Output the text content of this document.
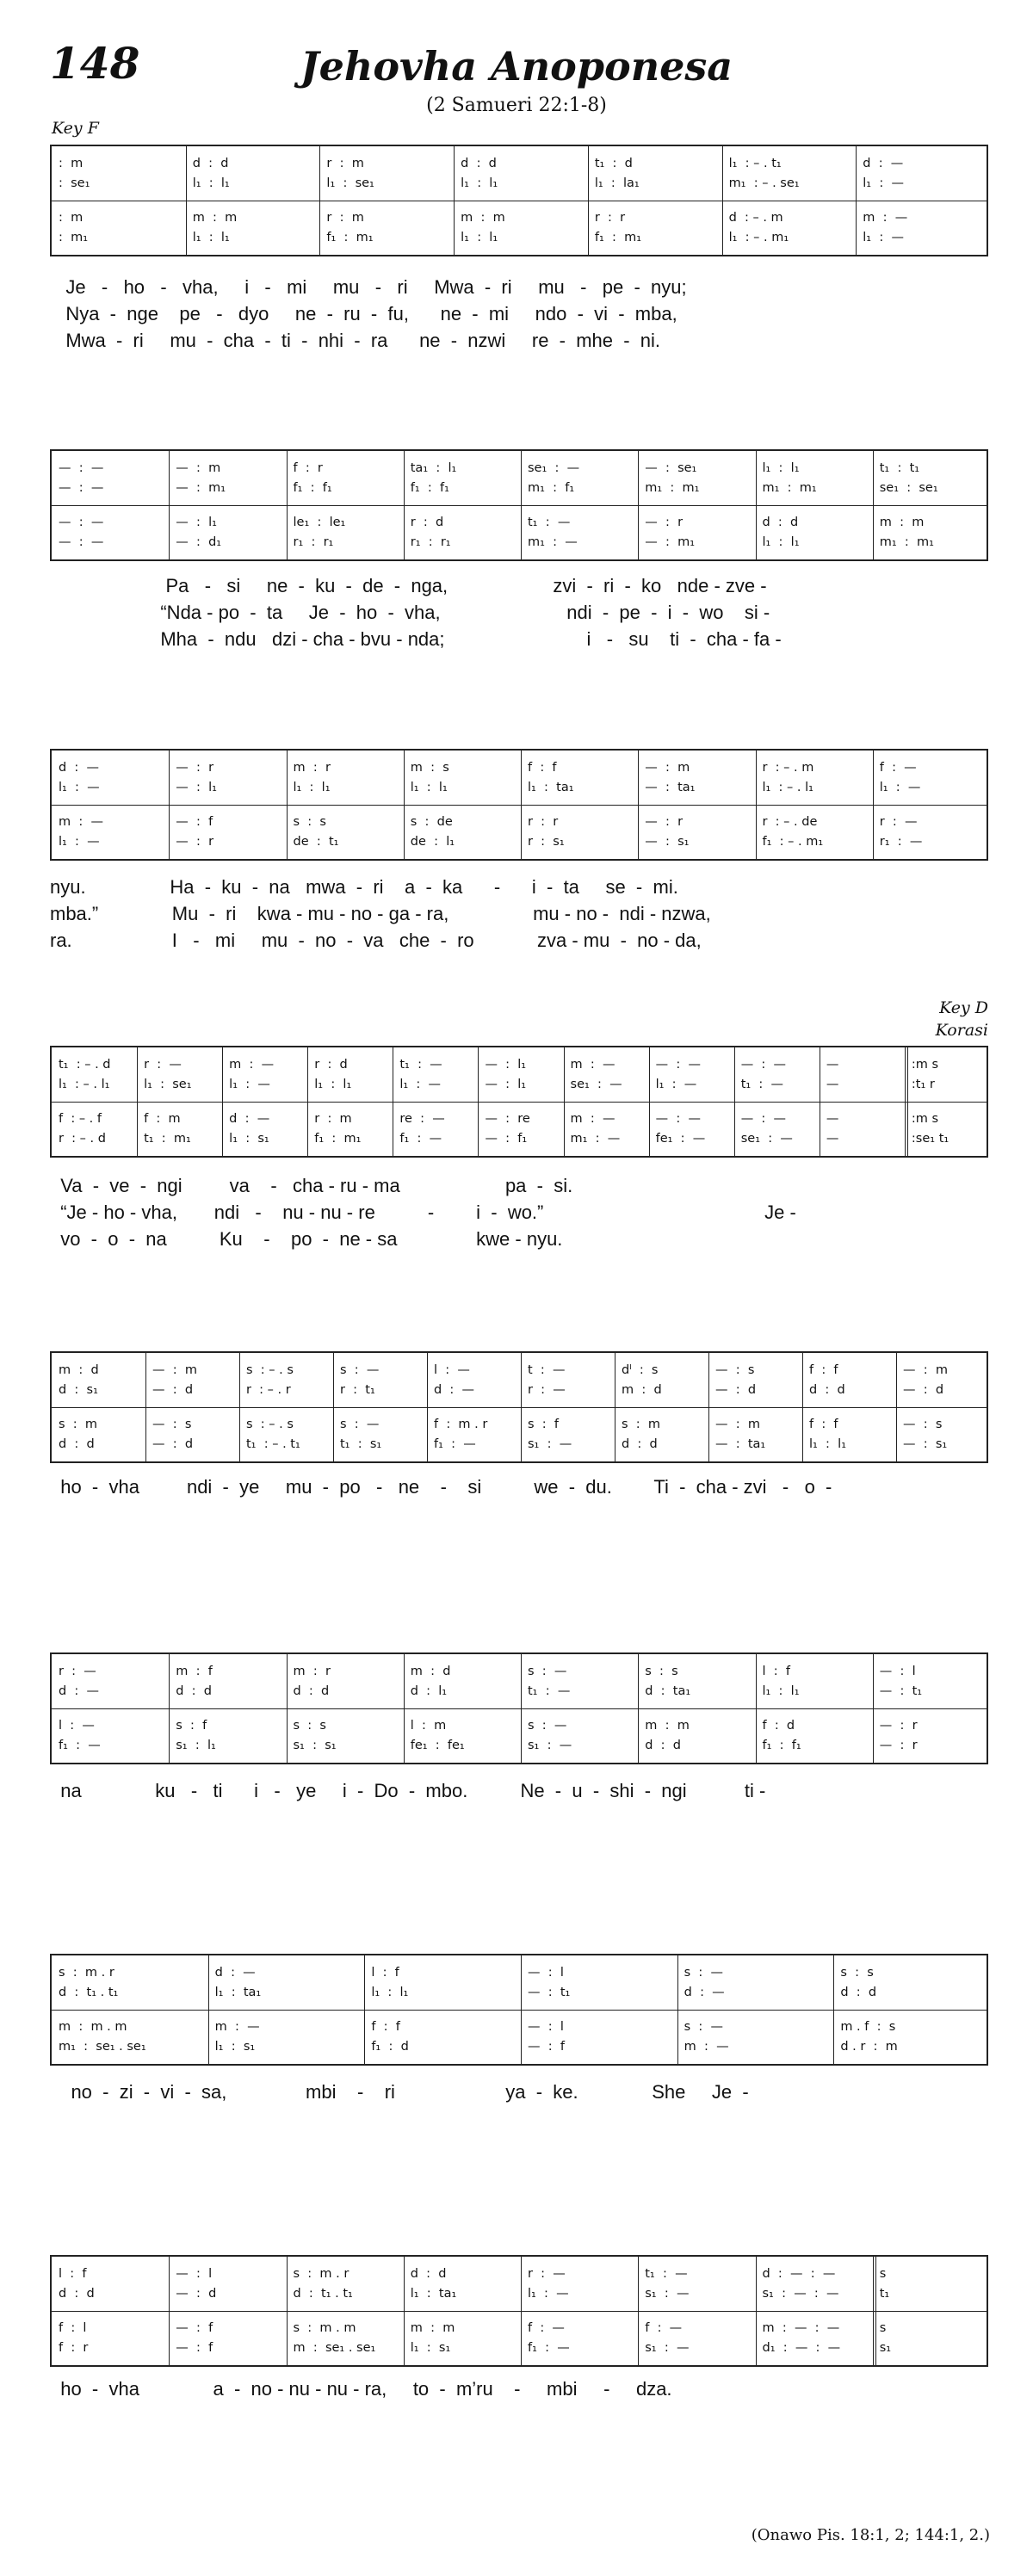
148	Jehovha Anoponesa
(2 Samueri 22:1-8)
Key F
Key D
Korasi
:  m
:  se₁
:  m
:  m₁
d  :  d
l₁  :  l₁
m  :  m
l₁  :  l₁
r  :  m
l₁  :  se₁
r  :  m
f₁  :  m₁
d  :  d
l₁  :  l₁
m  :  m
l₁  :  l₁
t₁  :  d
l₁  :  la₁
r  :  r
f₁  :  m₁
l₁  : – . t₁
m₁  : – . se₁
d  : – . m
l₁  : – . m₁
d  :  —
l₁  :  —
m  :  —
l₁  :  —
Je   -   ho   -   vha,     i   -   mi     mu   -   ri     Mwa  -  ri     mu   -   pe  -  nyu;
Nya  -  nge    pe   -   dyo     ne  -  ru  -  fu,      ne  -  mi     ndo  -  vi  -  mba,
Mwa  -  ri     mu  -  cha  -  ti  -  nhi  -  ra      ne  -  nzwi     re  -  mhe  -  ni.
—  :  —
—  :  —
—  :  —
—  :  —
—  :  m
—  :  m₁
—  :  l₁
—  :  d₁
f  :  r
f₁  :  f₁
le₁  :  le₁
r₁  :  r₁
ta₁  :  l₁
f₁  :  f₁
r  :  d
r₁  :  r₁
se₁  :  —
m₁  :  f₁
t₁  :  —
m₁  :  —
—  :  se₁
m₁  :  m₁
—  :  r
—  :  m₁
l₁  :  l₁
m₁  :  m₁
d  :  d
l₁  :  l₁
t₁  :  t₁
se₁  :  se₁
m  :  m
m₁  :  m₁
Pa   -   si     ne  -  ku  -  de  -  nga,                    zvi  -  ri  -  ko   nde - zve -
“Nda - po  -  ta     Je  -  ho  -  vha,                        ndi  -  pe  -  i  -  wo    si -
Mha  -  ndu   dzi - cha - bvu - nda;                           i   -   su    ti  -  cha - fa -
d  :  —
l₁  :  —
m  :  —
l₁  :  —
—  :  r
—  :  l₁
—  :  f
—  :  r
m  :  r
l₁  :  l₁
s  :  s
de  :  t₁
m  :  s
l₁  :  l₁
s  :  de
de  :  l₁
f  :  f
l₁  :  ta₁
r  :  r
r  :  s₁
—  :  m
—  :  ta₁
—  :  r
—  :  s₁
r  : – . m
l₁  : – . l₁
r  : – . de
f₁  : – . m₁
f  :  —
l₁  :  —
r  :  —
r₁  :  —
nyu.                Ha  -  ku  -  na   mwa  -  ri    a  -  ka      -      i  -  ta     se  -  mi.
mba.”              Mu  -  ri    kwa - mu - no - ga - ra,                mu - no -  ndi - nzwa,
ra.                   I   -   mi     mu  -  no  -  va   che  -  ro            zva - mu  -  no - da,
t₁  : – . d
l₁  : – . l₁
f  : – . f
r  : – . d
r  :  —
l₁  :  se₁
f  :  m
t₁  :  m₁
m  :  —
l₁  :  —
d  :  —
l₁  :  s₁
r  :  d
l₁  :  l₁
r  :  m
f₁  :  m₁
t₁  :  —
l₁  :  —
re  :  —
f₁  :  —
—  :  l₁
—  :  l₁
—  :  re
—  :  f₁
m  :  —
se₁  :  —
m  :  —
m₁  :  —
—  :  —
l₁  :  —
—  :  —
fe₁  :  —
—  :  —
t₁  :  —
—  :  —
se₁  :  —
—
—
—
—
:m s
:t₁ r
:m s
:se₁ t₁
Va  -  ve  -  ngi         va    -   cha - ru - ma                    pa  -  si.
“Je - ho - vha,       ndi   -    nu - nu - re          -        i  -  wo.”                                          Je -
vo  -  o  -  na          Ku    -    po  -  ne - sa               kwe - nyu.
m  :  d
d  :  s₁
s  :  m
d  :  d
—  :  m
—  :  d
—  :  s
—  :  d
s  : – . s
r  : – . r
s  : – . s
t₁  : – . t₁
s  :  —
r  :  t₁
s  :  —
t₁  :  s₁
l  :  —
d  :  —
f  :  m . r
f₁  :  —
t  :  —
r  :  —
s  :  f
s₁  :  —
dˡ  :  s
m  :  d
s  :  m
d  :  d
—  :  s
—  :  d
—  :  m
—  :  ta₁
f  :  f
d  :  d
f  :  f
l₁  :  l₁
—  :  m
—  :  d
—  :  s
—  :  s₁
ho  -  vha         ndi  -  ye     mu  -  po   -   ne    -    si          we  -  du.        Ti  -  cha - zvi   -   o  -
r  :  —
d  :  —
l  :  —
f₁  :  —
m  :  f
d  :  d
s  :  f
s₁  :  l₁
m  :  r
d  :  d
s  :  s
s₁  :  s₁
m  :  d
d  :  l₁
l  :  m
fe₁  :  fe₁
s  :  —
t₁  :  —
s  :  —
s₁  :  —
s  :  s
d  :  ta₁
m  :  m
d  :  d
l  :  f
l₁  :  l₁
f  :  d
f₁  :  f₁
—  :  l
—  :  t₁
—  :  r
—  :  r
na              ku   -   ti      i   -   ye     i  -  Do  -  mbo.          Ne  -  u  -  shi  -  ngi           ti -
s  :  m . r
d  :  t₁ . t₁
m  :  m . m
m₁  :  se₁ . se₁
d  :  —
l₁  :  ta₁
m  :  —
l₁  :  s₁
l  :  f
l₁  :  l₁
f  :  f
f₁  :  d
—  :  l
—  :  t₁
—  :  l
—  :  f
s  :  —
d  :  —
s  :  —
m  :  —
s  :  s
d  :  d
m . f  :  s
d . r  :  m
no  -  zi  -  vi  -  sa,               mbi    -    ri                     ya  -  ke.              She     Je  -
l  :  f
d  :  d
f  :  l
f  :  r
—  :  l
—  :  d
—  :  f
—  :  f
s  :  m . r
d  :  t₁ . t₁
s  :  m . m
m  :  se₁ . se₁
d  :  d
l₁  :  ta₁
m  :  m
l₁  :  s₁
r  :  —
l₁  :  —
f  :  —
f₁  :  —
t₁  :  —
s₁  :  —
f  :  —
s₁  :  —
d  :  —  :  —
s₁  :  —  :  —
m  :  —  :  —
d₁  :  —  :  —
s
t₁
s
s₁
ho  -  vha              a  -  no - nu - nu - ra,     to  -  m’ru    -     mbi     -     dza.
(Onawo Pis. 18:1, 2; 144:1, 2.)
